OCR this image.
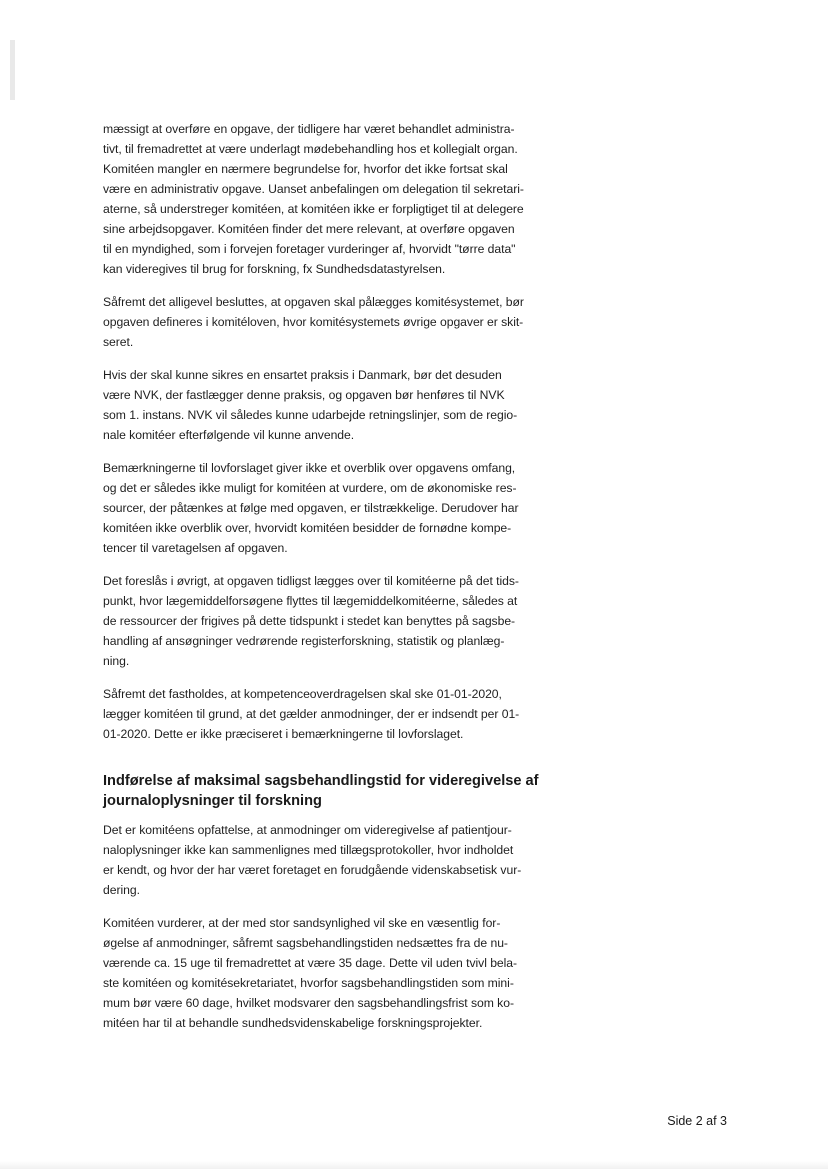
mæssigt at overføre en opgave, der tidligere har været behandlet administra-
tivt, til fremadrettet at være underlagt mødebehandling hos et kollegialt organ.
Komitéen mangler en nærmere begrundelse for, hvorfor det ikke fortsat skal
være en administrativ opgave. Uanset anbefalingen om delegation til sekretari-
aterne, så understreger komitéen, at komitéen ikke er forpligtiget til at delegere
sine arbejdsopgaver. Komitéen finder det mere relevant, at overføre opgaven
til en myndighed, som i forvejen foretager vurderinger af, hvorvidt "tørre data"
kan videregives til brug for forskning, fx Sundhedsdatastyrelsen.

Såfremt det alligevel besluttes, at opgaven skal pålægges komitésystemet, bør
opgaven defineres i komitéloven, hvor komitésystemets øvrige opgaver er skit-
seret.

Hvis der skal kunne sikres en ensartet praksis i Danmark, bør det desuden
være NVK, der fastlægger denne praksis, og opgaven bør henføres til NVK
som 1. instans. NVK vil således kunne udarbejde retningslinjer, som de regio-
nale komitéer efterfølgende vil kunne anvende.

Bemærkningerne til lovforslaget giver ikke et overblik over opgavens omfang,
og det er således ikke muligt for komitéen at vurdere, om de økonomiske res-
sourcer, der påtænkes at følge med opgaven, er tilstrækkelige. Derudover har
komitéen ikke overblik over, hvorvidt komitéen besidder de fornødne kompe-
tencer til varetagelsen af opgaven.

Det foreslås i øvrigt, at opgaven tidligst lægges over til komitéerne på det tids-
punkt, hvor lægemiddelforsøgene flyttes til lægemiddelkomitéerne, således at
de ressourcer der frigives på dette tidspunkt i stedet kan benyttes på sagsbe-
handling af ansøgninger vedrørende registerforskning, statistik og planlæg-
ning.

Såfremt det fastholdes, at kompetenceoverdragelsen skal ske 01-01-2020,
lægger komitéen til grund, at det gælder anmodninger, der er indsendt per 01-
01-2020. Dette er ikke præciseret i bemærkningerne til lovforslaget.

Indførelse af maksimal sagsbehandlingstid for videregivelse af
journaloplysninger til forskning

Det er komitéens opfattelse, at anmodninger om videregivelse af patientjour-
naloplysninger ikke kan sammenlignes med tillægsprotokoller, hvor indholdet
er kendt, og hvor der har været foretaget en forudgående videnskabsetisk vur-
dering.

Komitéen vurderer, at der med stor sandsynlighed vil ske en væsentlig for-
øgelse af anmodninger, såfremt sagsbehandlingstiden nedsættes fra de nu-
værende ca. 15 uge til fremadrettet at være 35 dage. Dette vil uden tvivl bela-
ste komitéen og komitésekretariatet, hvorfor sagsbehandlingstiden som mini-
mum bør være 60 dage, hvilket modsvarer den sagsbehandlingsfrist som ko-
mitéen har til at behandle sundhedsvidenskabelige forskningsprojekter.

Side 2 af 3
